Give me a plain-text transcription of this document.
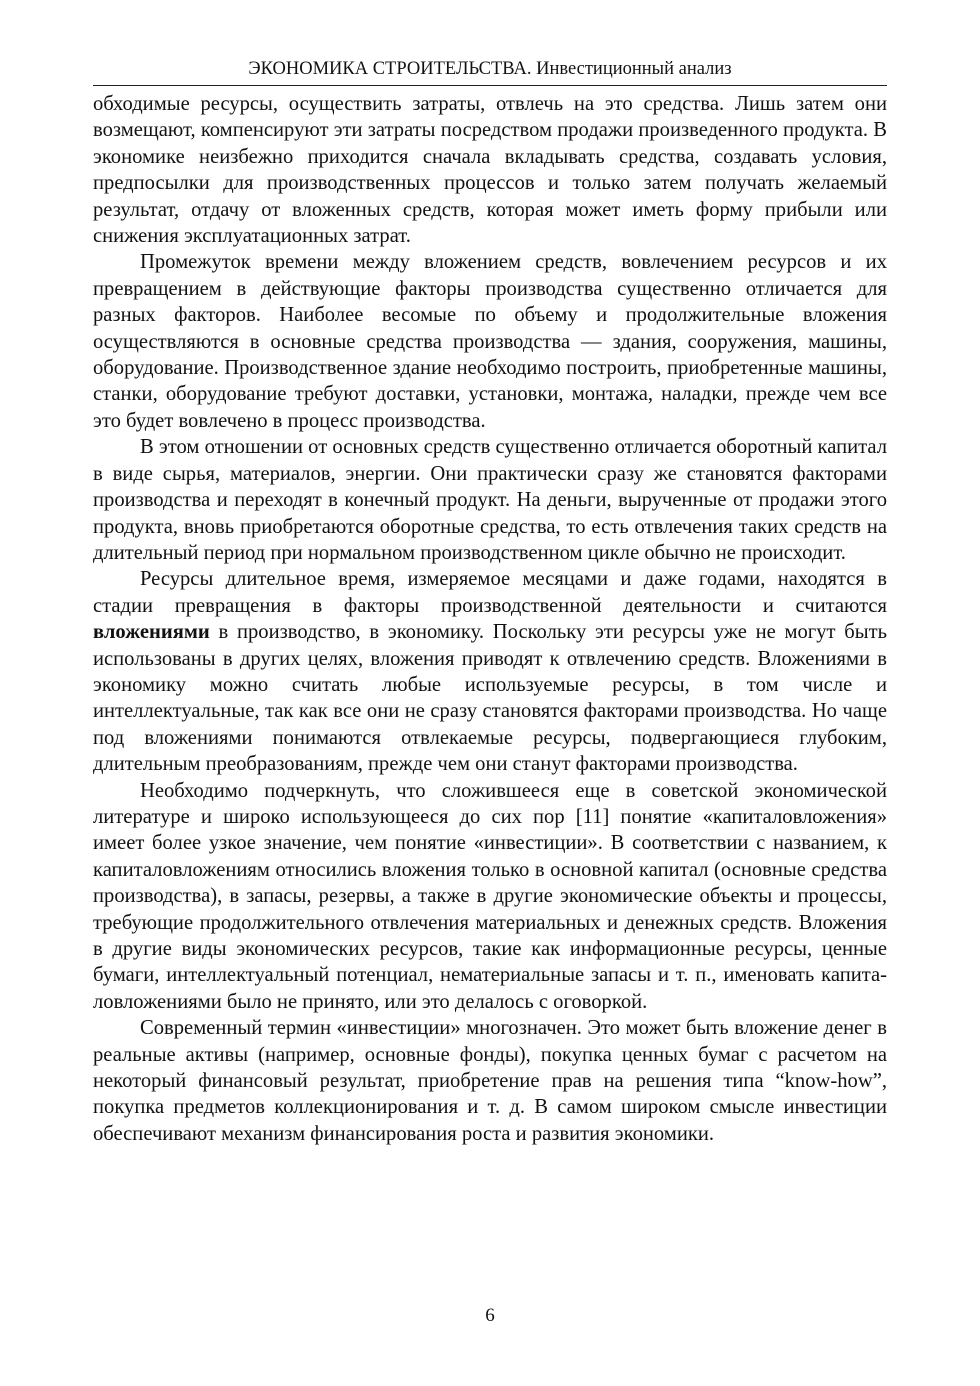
ЭКОНОМИКА СТРОИТЕЛЬСТВА. Инвестиционный анализ

обходимые ресурсы, осуществить затраты, отвлечь на это средства. Лишь затем они возмещают, компенсируют эти затраты посредством продажи произведенного продукта. В экономике неизбежно приходится сначала вкладывать средства, создавать условия, предпосылки для производственных процессов и только затем получать желаемый результат, отдачу от вложенных средств, которая может иметь форму прибыли или снижения эксплуатационных затрат.

Промежуток времени между вложением средств, вовлечением ресурсов и их превращением в действующие факторы производства существенно отличается для разных факторов. Наиболее весомые по объему и продолжительные вложения осуществляются в основные средства производства — здания, сооружения, машины, оборудование. Производственное здание необходимо построить, приобретенные машины, станки, оборудование требуют доставки, установки, монтажа, наладки, прежде чем все это будет вовлечено в процесс производства.

В этом отношении от основных средств существенно отличается оборотный капитал в виде сырья, материалов, энергии. Они практически сразу же становятся факторами производства и переходят в конечный продукт. На деньги, вырученные от продажи этого продукта, вновь приобретаются оборотные средства, то есть отвлечения таких средств на длительный период при нормальном производственном цикле обычно не происходит.

Ресурсы длительное время, измеряемое месяцами и даже годами, находятся в стадии превращения в факторы производственной деятельности и считаются вложениями в производство, в экономику. Поскольку эти ресурсы уже не могут быть использованы в других целях, вложения приводят к отвлечению средств. Вложениями в экономику можно считать любые используемые ресурсы, в том числе и интеллектуальные, так как все они не сразу становятся факторами производства. Но чаще под вложениями понимаются отвлекаемые ресурсы, подвергающиеся глубоким, длительным преобразованиям, прежде чем они станут факторами производства.

Необходимо подчеркнуть, что сложившееся еще в советской экономической литературе и широко использующееся до сих пор [11] понятие «капиталовложения» имеет более узкое значение, чем понятие «инвестиции». В соответствии с названием, к капиталовложениям относились вложения только в основной капитал (основные средства производства), в запасы, резервы, а также в другие экономические объекты и процессы, требующие продолжительного отвлечения материальных и денежных средств. Вложения в другие виды экономических ресурсов, такие как информационные ресурсы, ценные бумаги, интеллектуальный потенциал, нематериальные запасы и т. п., именовать капиталовложениями было не принято, или это делалось с оговоркой.

Современный термин «инвестиции» многозначен. Это может быть вложение денег в реальные активы (например, основные фонды), покупка ценных бумаг с расчетом на некоторый финансовый результат, приобретение прав на решения типа “know-how”, покупка предметов коллекционирования и т. д. В самом широком смысле инвестиции обеспечивают механизм финансирования роста и развития экономики.

6
